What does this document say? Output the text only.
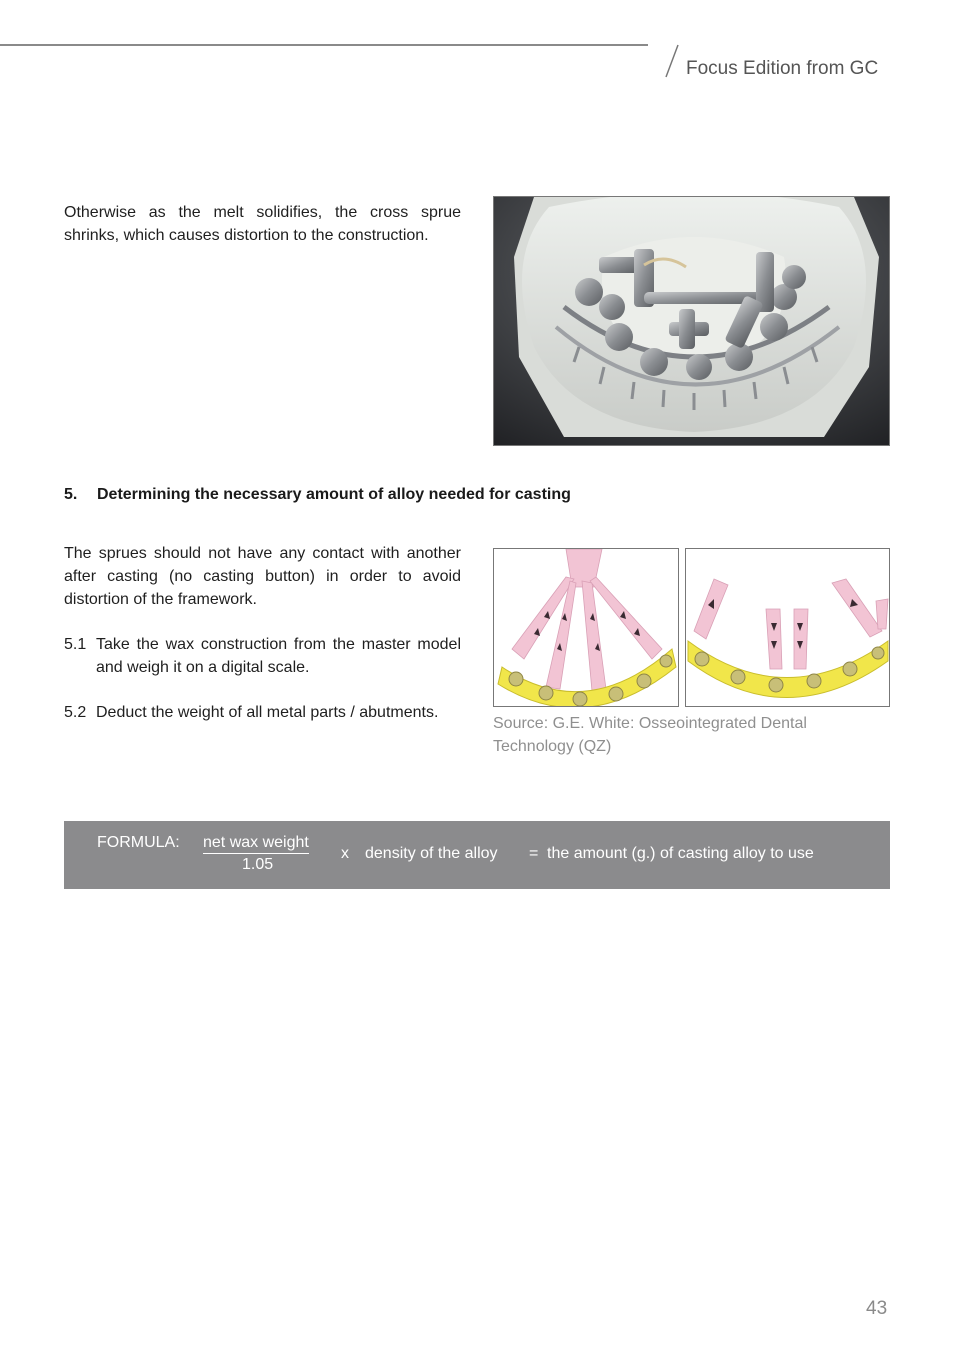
Focus Edition from GC
Otherwise as the melt solidifies, the cross sprue shrinks, which causes distortion to the construction.
5. Determining the necessary amount of alloy needed for casting
The sprues should not have any contact with another after casting (no casting button) in order to avoid distortion of the framework.
5.1 Take the wax construction from the master model and weigh it on a digital scale.
5.2 Deduct the weight of all metal parts / abutments.
Source: G.E. White: Osseointegrated Dental Technology (QZ)
FORMULA: net wax weight
1.05
x density of the alloy = the amount (g.) of casting alloy to use
43
